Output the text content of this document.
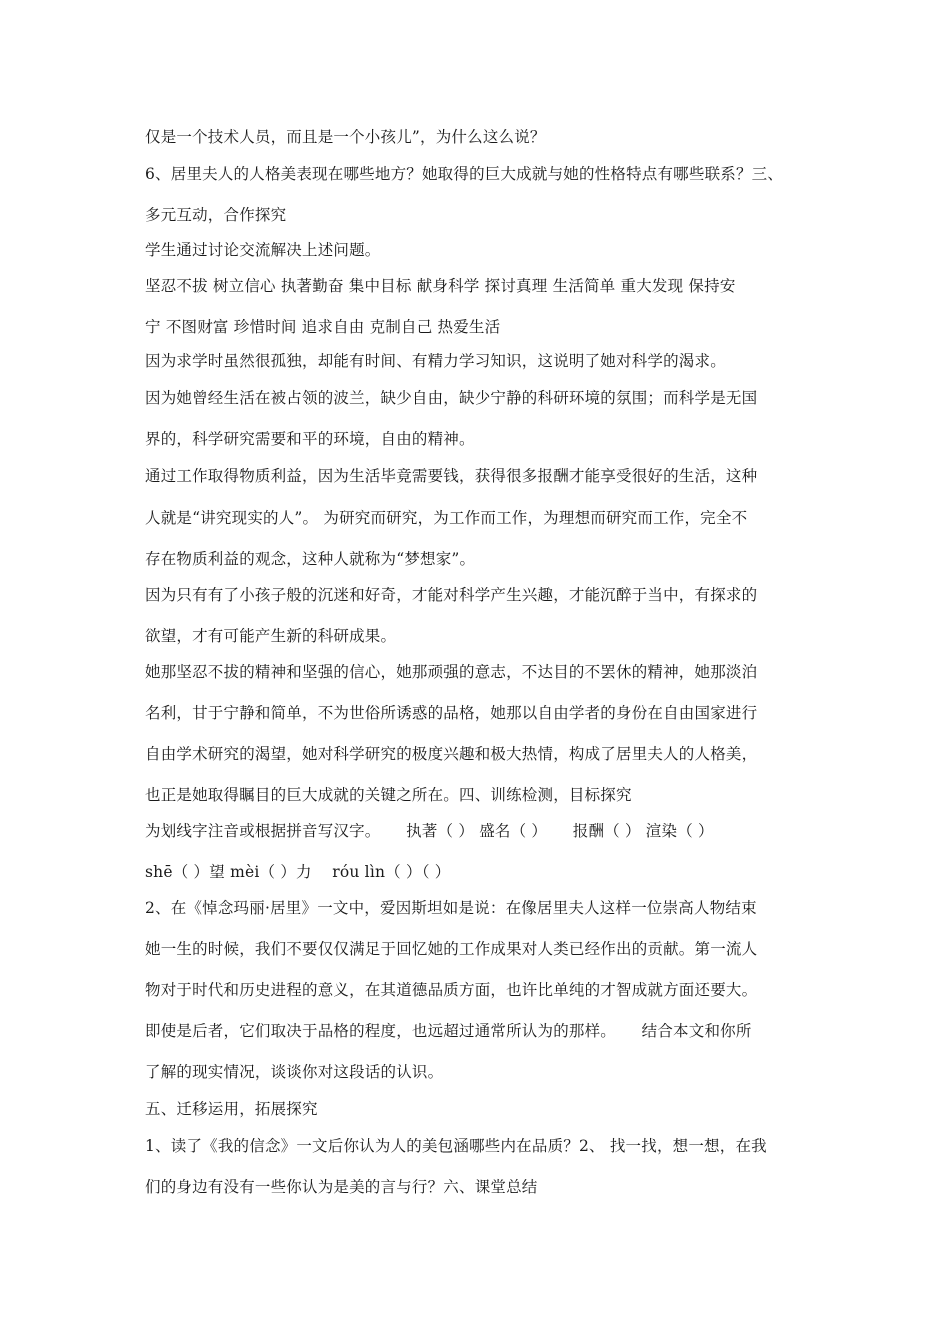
仅是一个技术人员，而且是一个小孩儿”，为什么这么说？
6、居里夫人的人格美表现在哪些地方？她取得的巨大成就与她的性格特点有哪些联系？三、
多元互动，合作探究
学生通过讨论交流解决上述问题。
坚忍不拔 树立信心 执著勤奋 集中目标 献身科学 探讨真理 生活简单 重大发现 保持安
宁 不图财富 珍惜时间 追求自由 克制自己 热爱生活
因为求学时虽然很孤独，却能有时间、有精力学习知识，这说明了她对科学的渴求。
因为她曾经生活在被占领的波兰，缺少自由，缺少宁静的科研环境的氛围；而科学是无国
界的，科学研究需要和平的环境，自由的精神。
通过工作取得物质利益，因为生活毕竟需要钱，获得很多报酬才能享受很好的生活，这种
人就是“讲究现实的人”。 为研究而研究，为工作而工作，为理想而研究而工作，完全不
存在物质利益的观念，这种人就称为“梦想家”。
因为只有有了小孩子般的沉迷和好奇，才能对科学产生兴趣，才能沉醉于当中，有探求的
欲望，才有可能产生新的科研成果。
她那坚忍不拔的精神和坚强的信心，她那顽强的意志，不达目的不罢休的精神，她那淡泊
名利，甘于宁静和简单，不为世俗所诱惑的品格，她那以自由学者的身份在自由国家进行
自由学术研究的渴望，她对科学研究的极度兴趣和极大热情，构成了居里夫人的人格美，
也正是她取得瞩目的巨大成就的关键之所在。四、训练检测，目标探究
为划线字注音或根据拼音写汉字。     执著（ ） 盛名（ ）     报酬（ ） 渲染（ ）
shē（ ）望 mèi（ ）力    róu lìn（ ）（ ）
2、在《悼念玛丽·居里》一文中，爱因斯坦如是说：在像居里夫人这样一位崇高人物结束
她一生的时候，我们不要仅仅满足于回忆她的工作成果对人类已经作出的贡献。第一流人
物对于时代和历史进程的意义，在其道德品质方面，也许比单纯的才智成就方面还要大。
即使是后者，它们取决于品格的程度，也远超过通常所认为的那样。     结合本文和你所
了解的现实情况，谈谈你对这段话的认识。
五、迁移运用，拓展探究
1、读了《我的信念》一文后你认为人的美包涵哪些内在品质？2、 找一找，想一想，在我
们的身边有没有一些你认为是美的言与行？六、课堂总结
